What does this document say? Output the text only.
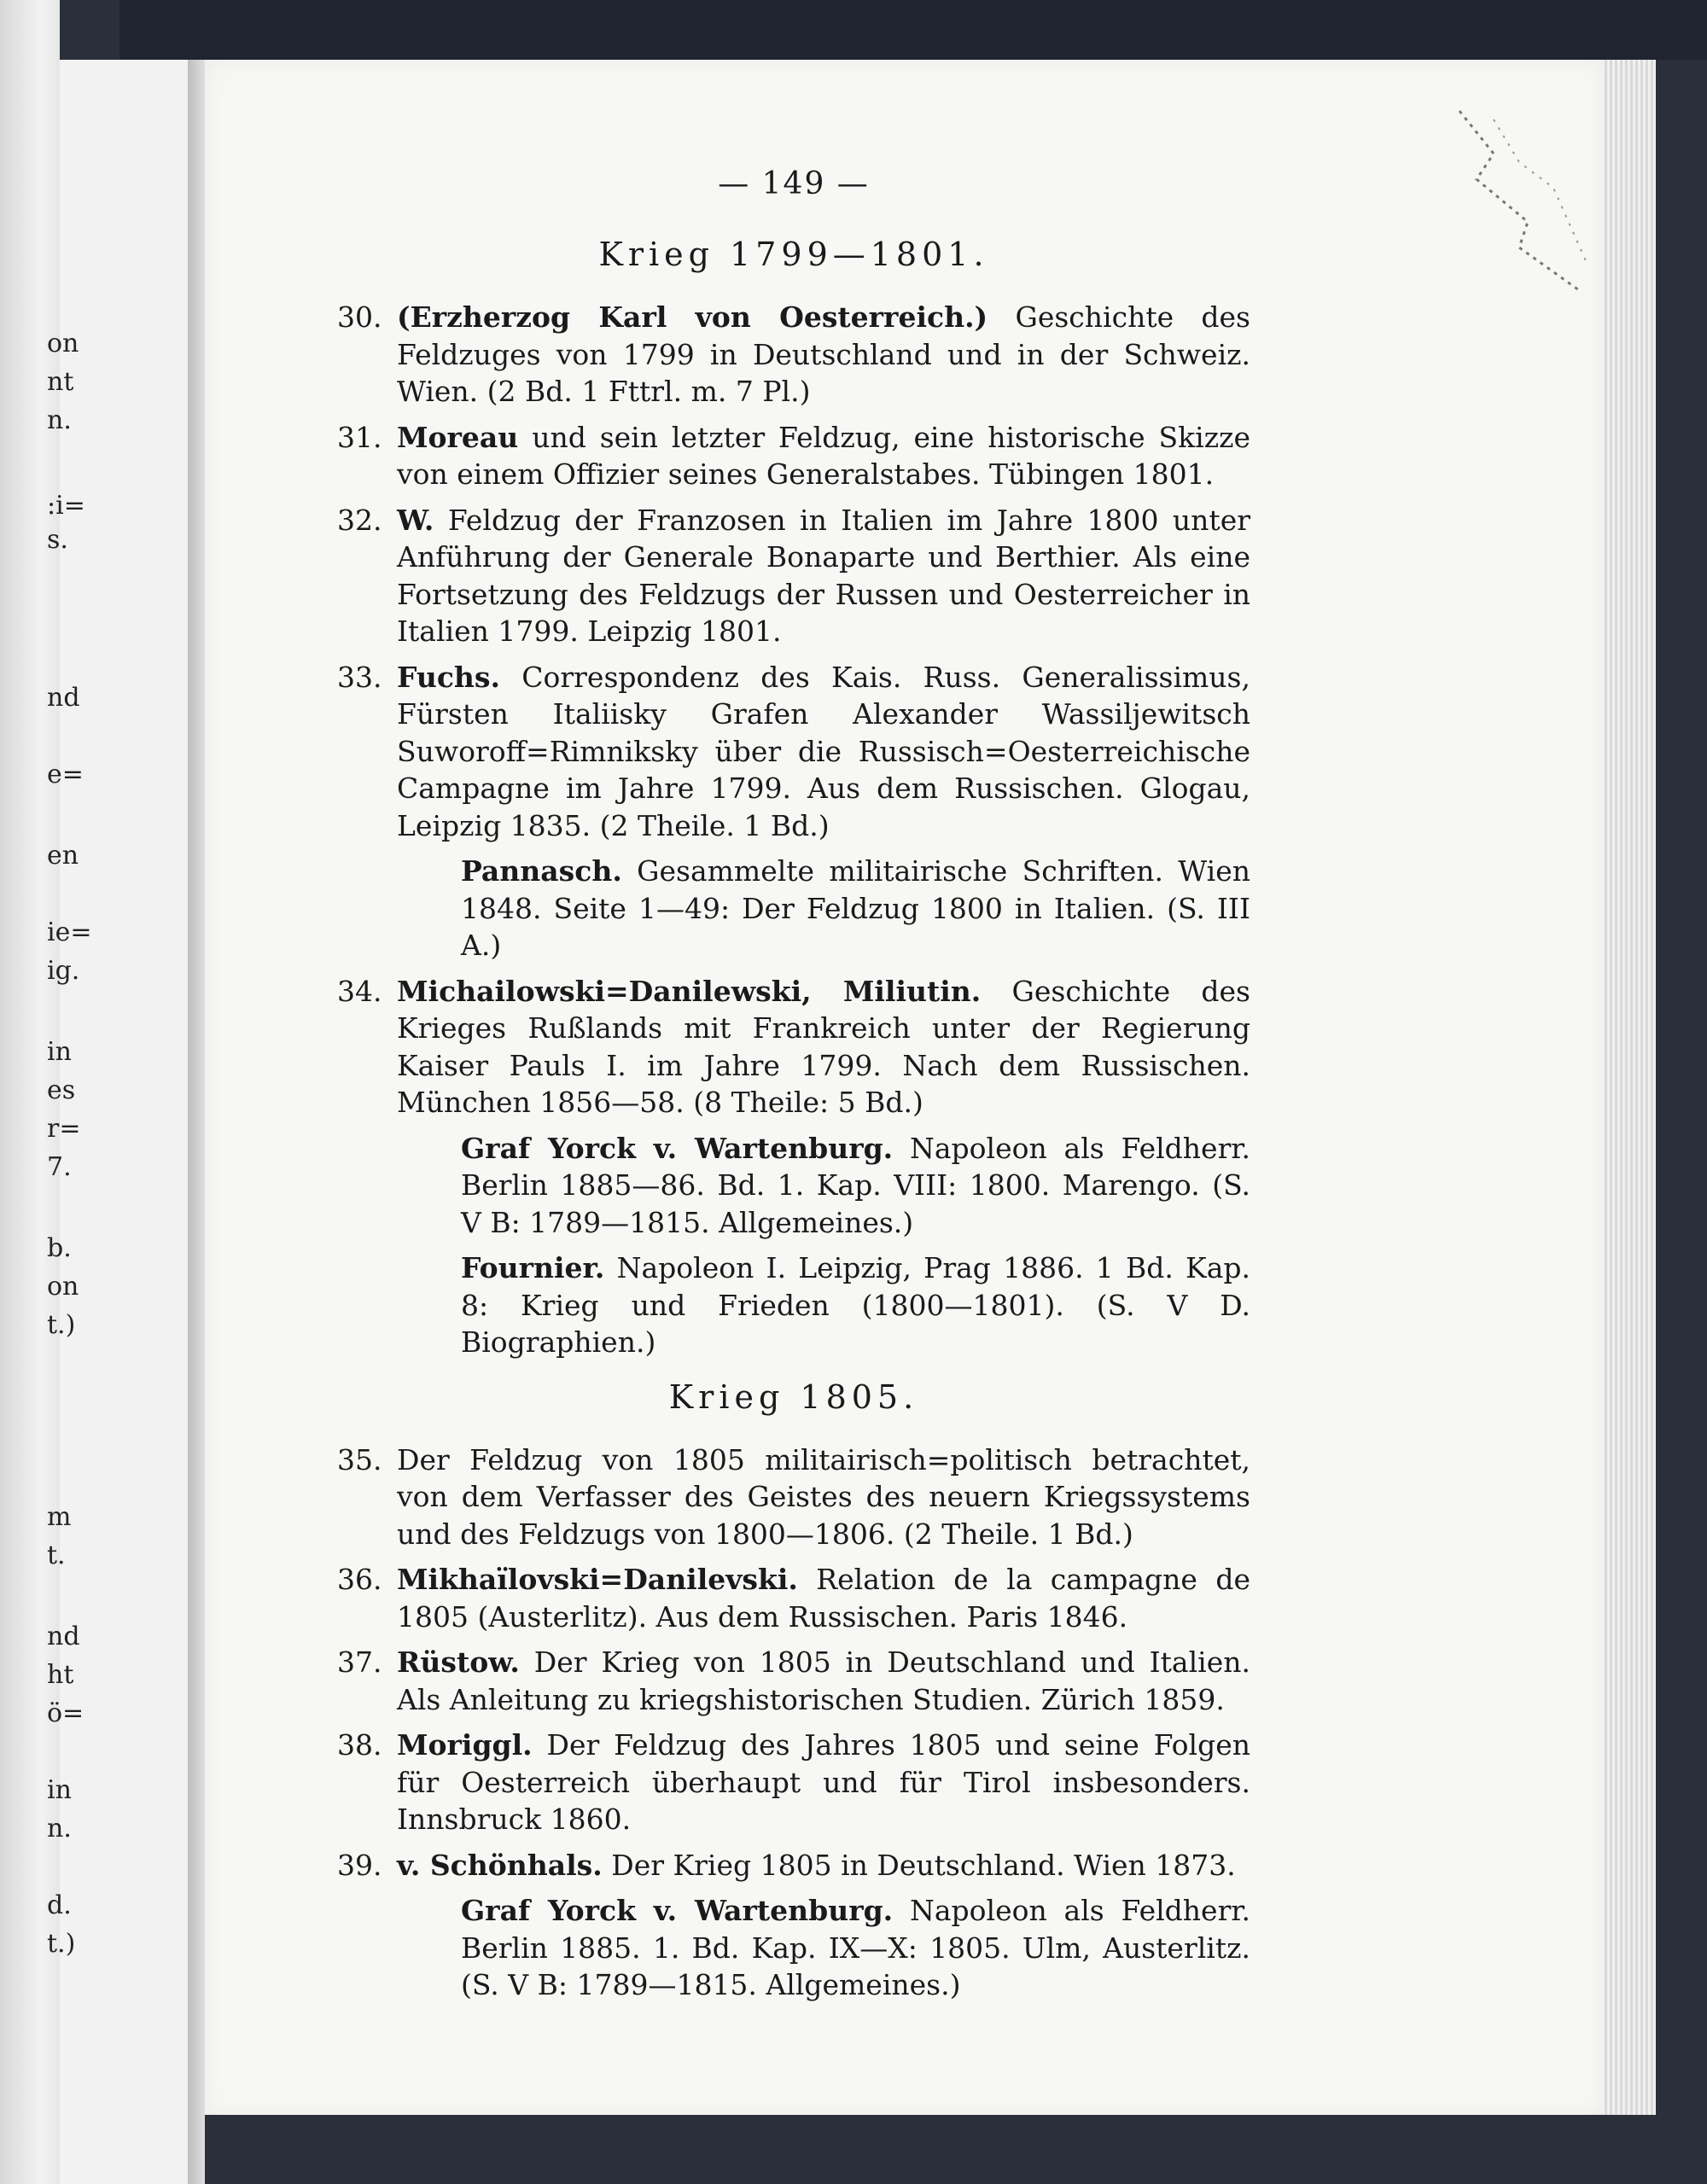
on
nt
n.
:i=
s.
nd
e=
en
ie=
ig.
in
es
r=
7.
b.
on
t.)
m
t.
nd
ht
ö=
in
n.
d.
t.)
— 149 —
Krieg 1799—1801.
30. (Erzherzog Karl von Oesterreich.) Geschichte des Feldzuges von 1799 in Deutschland und in der Schweiz. Wien. (2 Bd. 1 Fttrl. m. 7 Pl.)
31. Moreau und sein letzter Feldzug, eine historische Skizze von einem Offizier seines Generalstabes. Tübingen 1801.
32. W. Feldzug der Franzosen in Italien im Jahre 1800 unter Anführung der Generale Bonaparte und Berthier. Als eine Fortsetzung des Feldzugs der Russen und Oesterreicher in Italien 1799. Leipzig 1801.
33. Fuchs. Correspondenz des Kais. Russ. Generalissimus, Fürsten Italiisky Grafen Alexander Wassiljewitsch Suworoff=Rimniksky über die Russisch=Oesterreichische Campagne im Jahre 1799. Aus dem Russischen. Glogau, Leipzig 1835. (2 Theile. 1 Bd.)
Pannasch. Gesammelte militairische Schriften. Wien 1848. Seite 1—49: Der Feldzug 1800 in Italien. (S. III A.)
34. Michailowski=Danilewski, Miliutin. Geschichte des Krieges Rußlands mit Frankreich unter der Regierung Kaiser Pauls I. im Jahre 1799. Nach dem Russischen. München 1856—58. (8 Theile: 5 Bd.)
Graf Yorck v. Wartenburg. Napoleon als Feldherr. Berlin 1885—86. Bd. 1. Kap. VIII: 1800. Marengo. (S. V B: 1789—1815. Allgemeines.)
Fournier. Napoleon I. Leipzig, Prag 1886. 1 Bd. Kap. 8: Krieg und Frieden (1800—1801). (S. V D. Biographien.)
Krieg 1805.
35. Der Feldzug von 1805 militairisch=politisch betrachtet, von dem Verfasser des Geistes des neuern Kriegssystems und des Feldzugs von 1800—1806. (2 Theile. 1 Bd.)
36. Mikhaïlovski=Danilevski. Relation de la campagne de 1805 (Austerlitz). Aus dem Russischen. Paris 1846.
37. Rüstow. Der Krieg von 1805 in Deutschland und Italien. Als Anleitung zu kriegshistorischen Studien. Zürich 1859.
38. Moriggl. Der Feldzug des Jahres 1805 und seine Folgen für Oesterreich überhaupt und für Tirol insbesonders. Innsbruck 1860.
39. v. Schönhals. Der Krieg 1805 in Deutschland. Wien 1873.
Graf Yorck v. Wartenburg. Napoleon als Feldherr. Berlin 1885. 1. Bd. Kap. IX—X: 1805. Ulm, Austerlitz. (S. V B: 1789—1815. Allgemeines.)
